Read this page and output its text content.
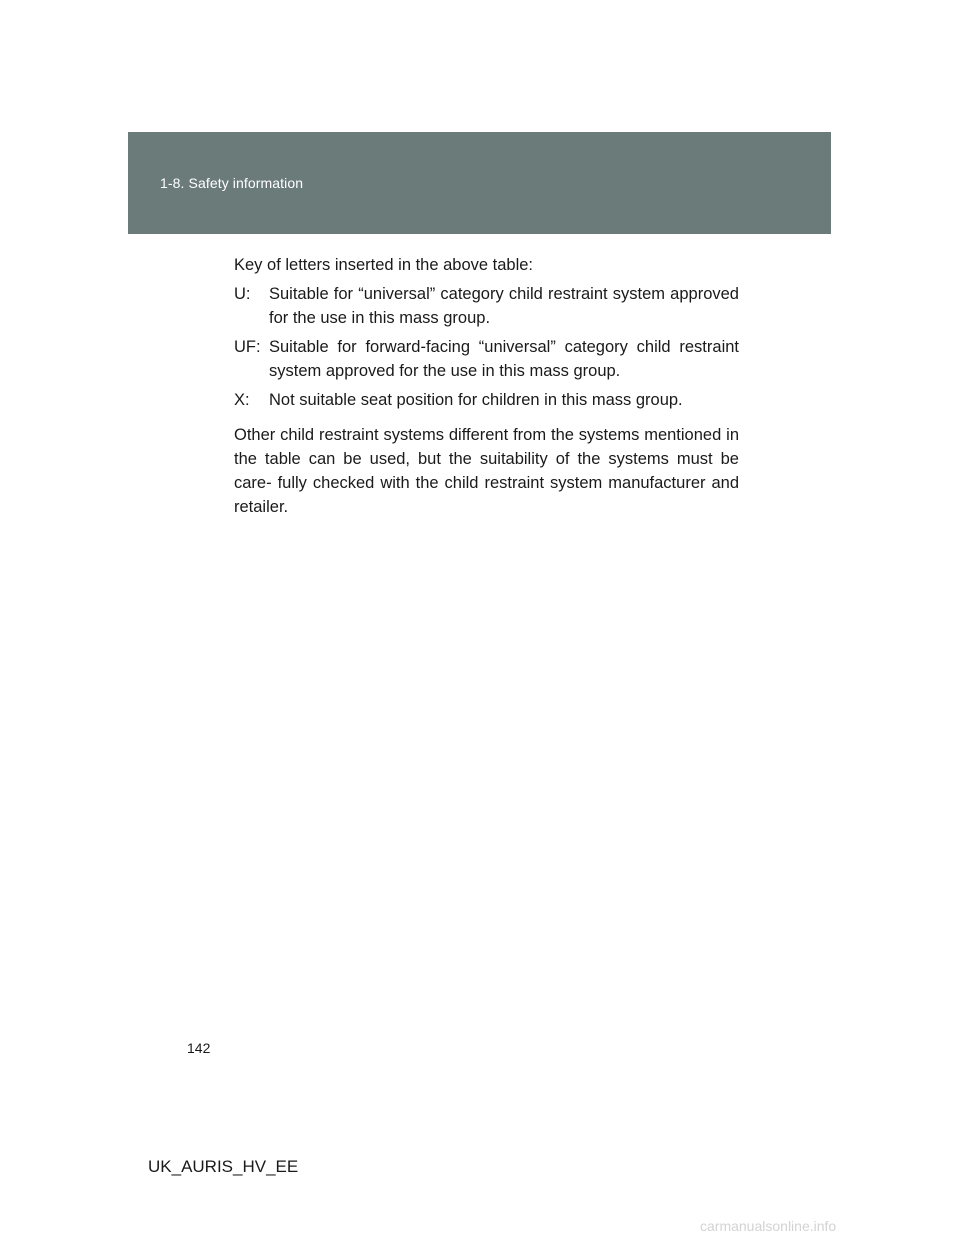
1-8. Safety information

Key of letters inserted in the above table:

U:	Suitable for “universal” category child restraint system approved for the use in this mass group.
UF: Suitable for forward-facing “universal” category child restraint system approved for the use in this mass group.
X:	Not suitable seat position for children in this mass group.

Other child restraint systems different from the systems mentioned in the table can be used, but the suitability of the systems must be care- fully checked with the child restraint system manufacturer and retailer.

142
UK_AURIS_HV_EE
carmanualsonline.info
